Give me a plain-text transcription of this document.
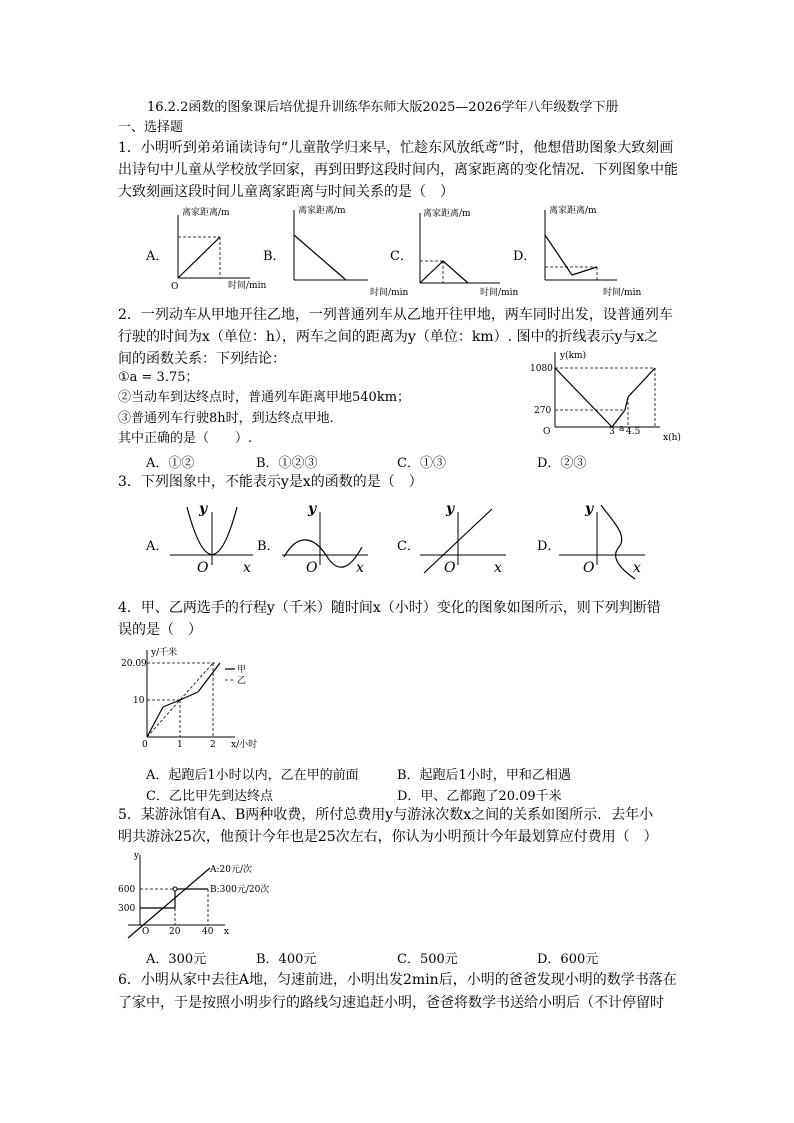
16.2.2函数的图象课后培优提升训练华东师大版2025—2026学年八年级数学下册
一、选择题
1．小明听到弟弟诵读诗句“儿童散学归来早，忙趁东风放纸鸢”时，他想借助图象大致刻画
出诗句中儿童从学校放学回家，再到田野这段时间内，离家距离的变化情况．下列图象中能
大致刻画这段时间儿童离家距离与时间关系的是（　）
A．	B．	C．	D．
离家距离/m
O	时间/min
离家距离/m
时间/min
离家距离/m
时间/min
离家距离/m
时间/min
2．一列动车从甲地开往乙地，一列普通列车从乙地开往甲地，两车同时出发，设普通列车
行驶的时间为x（单位：h），两车之间的距离为y（单位：km）. 图中的折线表示y与x之
间的函数关系：下列结论：
①a = 3.75；
②当动车到达终点时，普通列车距离甲地540km；
③普通列车行驶8h时，到达终点甲地.
其中正确的是（　　）.
y(km)
1080
270
O	3 a 4.5
x(h)
A．①②	B．①②③	C．①③	D．②③
3．下列图象中，不能表示y是x的函数的是（　）
A．	B．	C．	D．
y
O x
y
O	x
y
O	x
y
O	x
4．甲、乙两选手的行程y（千米）随时间x（小时）变化的图象如图所示，则下列判断错
误的是（　）
甲
乙
y/千米
20.09
10
0	1	2 x/小时
A．起跑后1小时以内，乙在甲的前面	B．起跑后1小时，甲和乙相遇
C．乙比甲先到达终点	D．甲、乙都跑了20.09千米
5．某游泳馆有A、B两种收费，所付总费用y与游泳次数x之间的关系如图所示．去年小
明共游泳25次，他预计今年也是25次左右，你认为小明预计今年最划算应付费用（　）
y
600
300
O 20 40 x
A:20元/次
B:300元/20次
A．300元	B．400元	C．500元	D．600元
6．小明从家中去往A地，匀速前进，小明出发2min后，小明的爸爸发现小明的数学书落在
了家中，于是按照小明步行的路线匀速追赶小明，爸爸将数学书送给小明后（不计停留时
